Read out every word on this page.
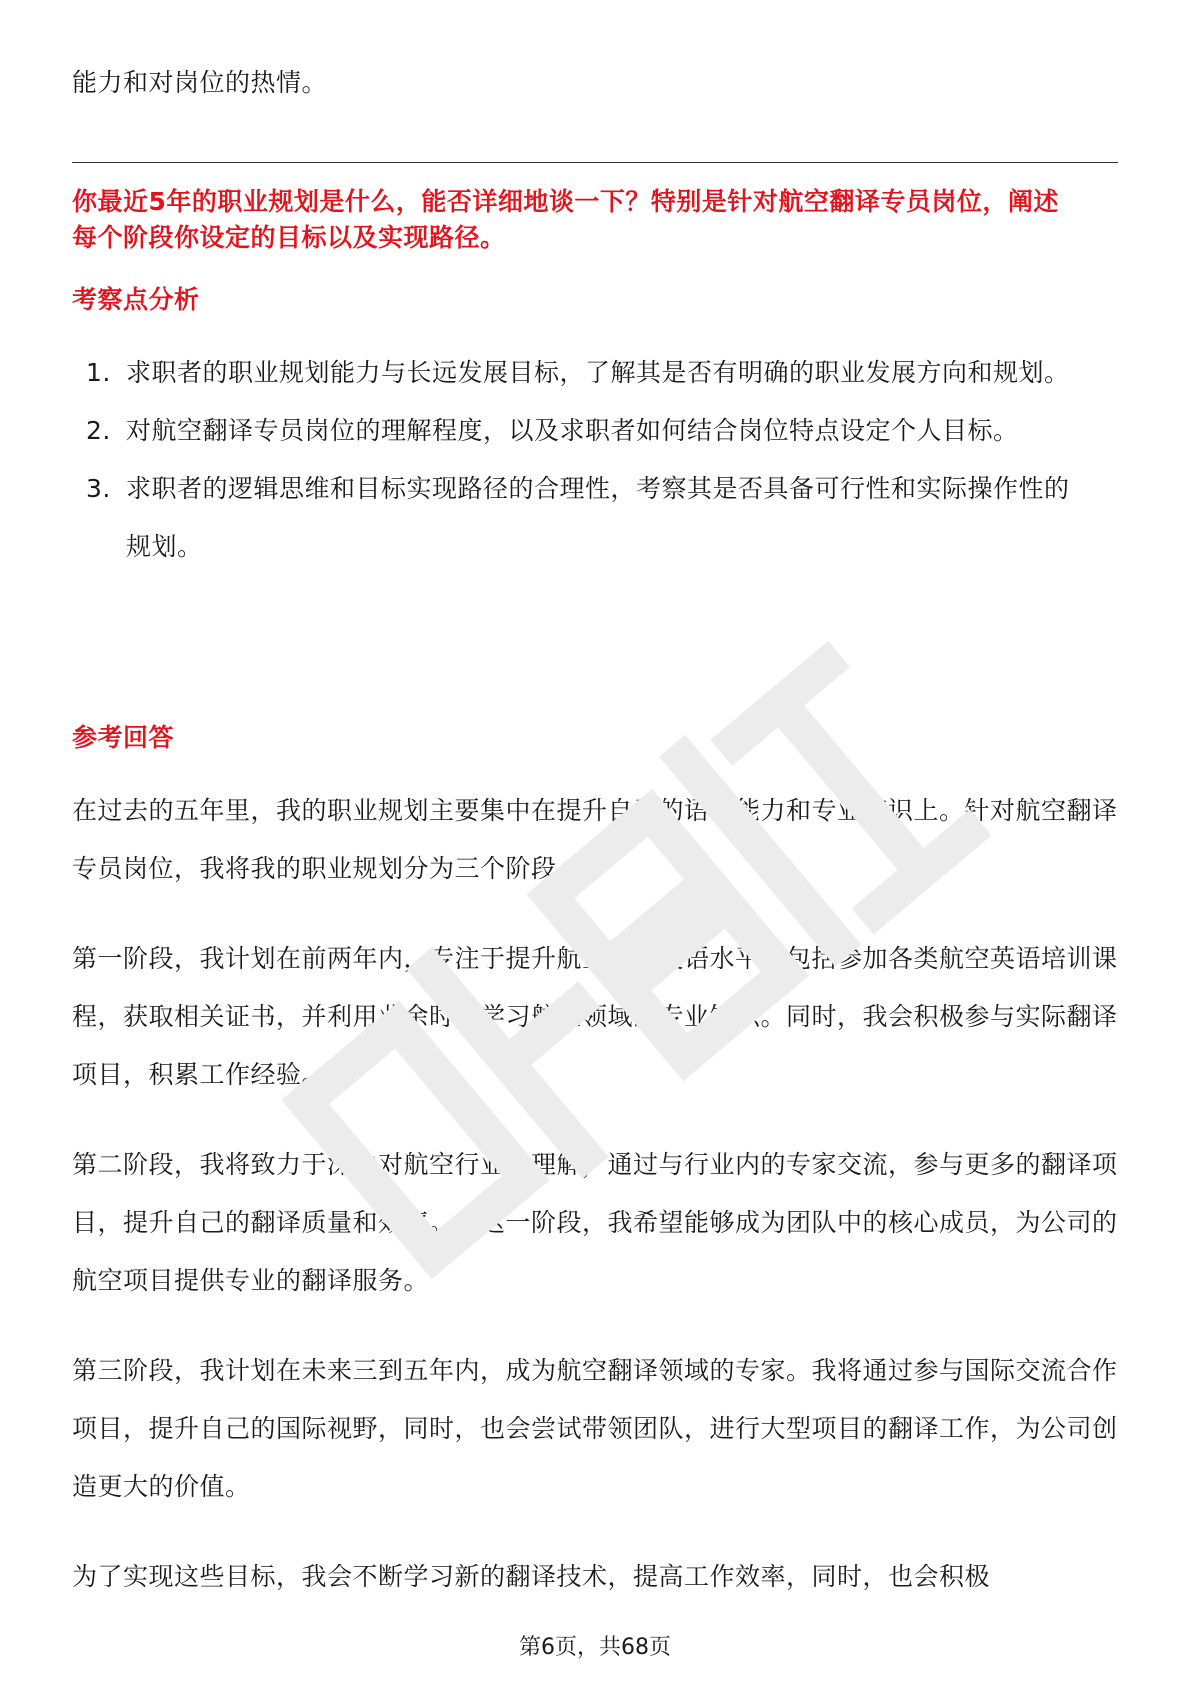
能力和对岗位的热情。

你最近5年的职业规划是什么，能否详细地谈一下？特别是针对航空翻译专员岗位，阐述每个阶段你设定的目标以及实现路径。

考察点分析
1. 求职者的职业规划能力与长远发展目标，了解其是否有明确的职业发展方向和规划。
2. 对航空翻译专员岗位的理解程度，以及求职者如何结合岗位特点设定个人目标。
3. 求职者的逻辑思维和目标实现路径的合理性，考察其是否具备可行性和实际操作性的规划。
参考回答

在过去的五年里，我的职业规划主要集中在提升自己的语言能力和专业知识上。针对航空翻译专员岗位，我将我的职业规划分为三个阶段。

第一阶段，我计划在前两年内，专注于提升航空专业英语水平，包括参加各类航空英语培训课程，获取相关证书，并利用业余时间学习航空领域的专业知识。同时，我会积极参与实际翻译项目，积累工作经验。

第二阶段，我将致力于深化对航空行业的理解，通过与行业内的专家交流，参与更多的翻译项目，提升自己的翻译质量和效率。在这一阶段，我希望能够成为团队中的核心成员，为公司的航空项目提供专业的翻译服务。

第三阶段，我计划在未来三到五年内，成为航空翻译领域的专家。我将通过参与国际交流合作项目，提升自己的国际视野，同时，也会尝试带领团队，进行大型项目的翻译工作，为公司创造更大的价值。

为了实现这些目标，我会不断学习新的翻译技术，提高工作效率，同时，也会积极

第6页，共68页
